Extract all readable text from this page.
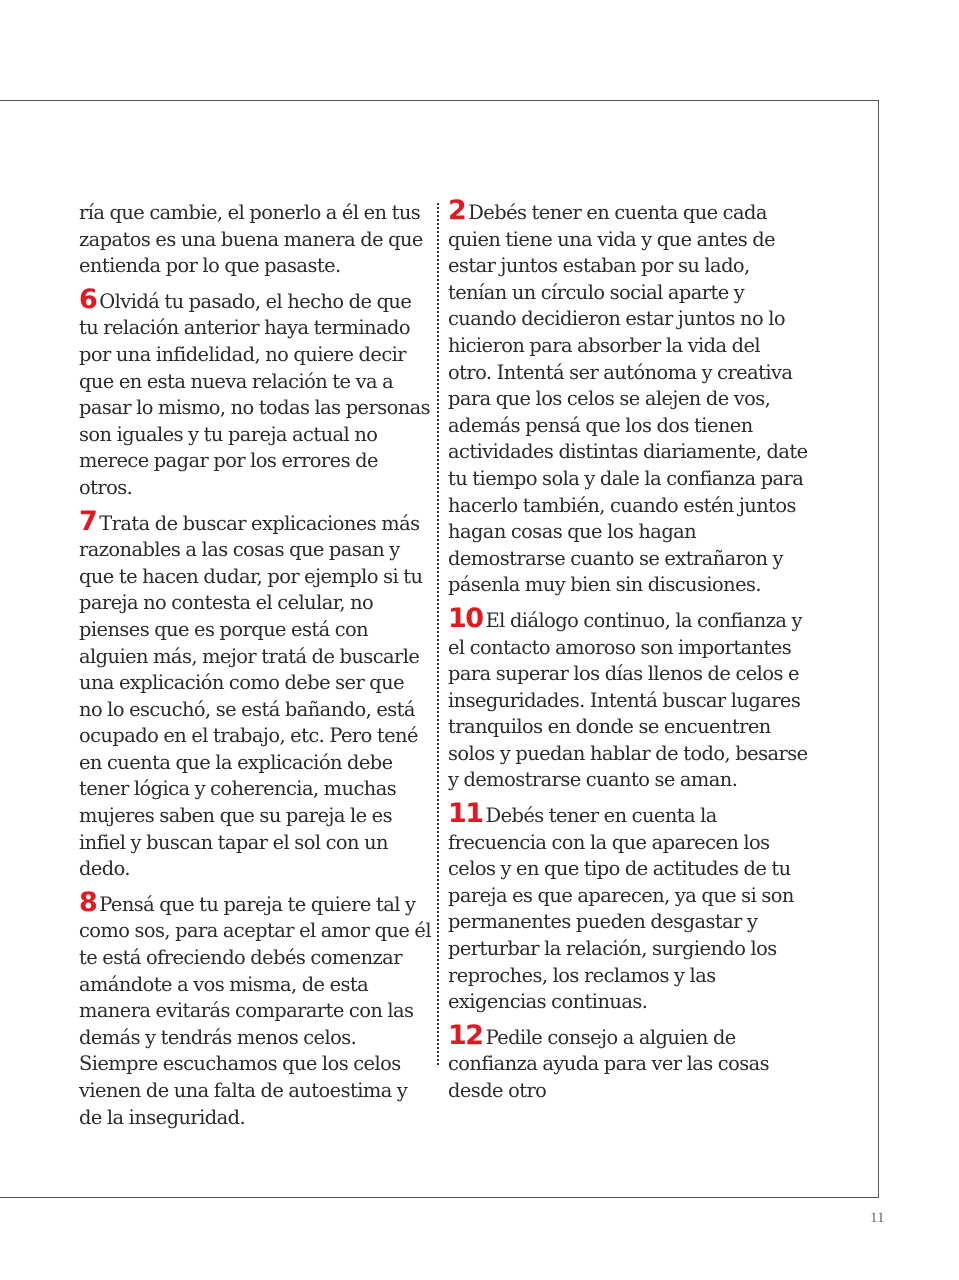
ría que cambie, el ponerlo a él en tus zapatos es una buena manera de que entienda por lo que pasaste.

6 Olvidá tu pasado, el hecho de que tu relación anterior haya terminado por una infidelidad, no quiere decir que en esta nueva relación te va a pasar lo mismo, no todas las personas son iguales y tu pareja actual no merece pagar por los errores de otros.

7 Trata de buscar explicaciones más razonables a las cosas que pasan y que te hacen dudar, por ejemplo si tu pareja no contesta el celular, no pienses que es porque está con alguien más, mejor tratá de buscarle una explicación como debe ser que no lo escuchó, se está bañando, está ocupado en el trabajo, etc. Pero tené en cuenta que la explicación debe tener lógica y coherencia, muchas mujeres saben que su pareja le es infiel y buscan tapar el sol con un dedo.

8 Pensá que tu pareja te quiere tal y como sos, para aceptar el amor que él te está ofreciendo debés comenzar amándote a vos misma, de esta manera evitarás compararte con las demás y tendrás menos celos. Siempre escuchamos que los celos vienen de una falta de autoestima y de la inseguridad.

2 Debés tener en cuenta que cada quien tiene una vida y que antes de estar juntos estaban por su lado, tenían un círculo social aparte y cuando decidieron estar juntos no lo hicieron para absorber la vida del otro. Intentá ser autónoma y creativa para que los celos se alejen de vos, además pensá que los dos tienen actividades distintas diariamente, date tu tiempo sola y dale la confianza para hacerlo también, cuando estén juntos hagan cosas que los hagan demostrarse cuanto se extrañaron y pásenla muy bien sin discusiones.

10 El diálogo continuo, la confianza y el contacto amoroso son importantes para superar los días llenos de celos e inseguridades. Intentá buscar lugares tranquilos en donde se encuentren solos y puedan hablar de todo, besarse y demostrarse cuanto se aman.

11 Debés tener en cuenta la frecuencia con la que aparecen los celos y en que tipo de actitudes de tu pareja es que aparecen, ya que si son permanentes pueden desgastar y perturbar la relación, surgiendo los reproches, los reclamos y las exigencias continuas.

12 Pedile consejo a alguien de confianza ayuda para ver las cosas desde otro

11
